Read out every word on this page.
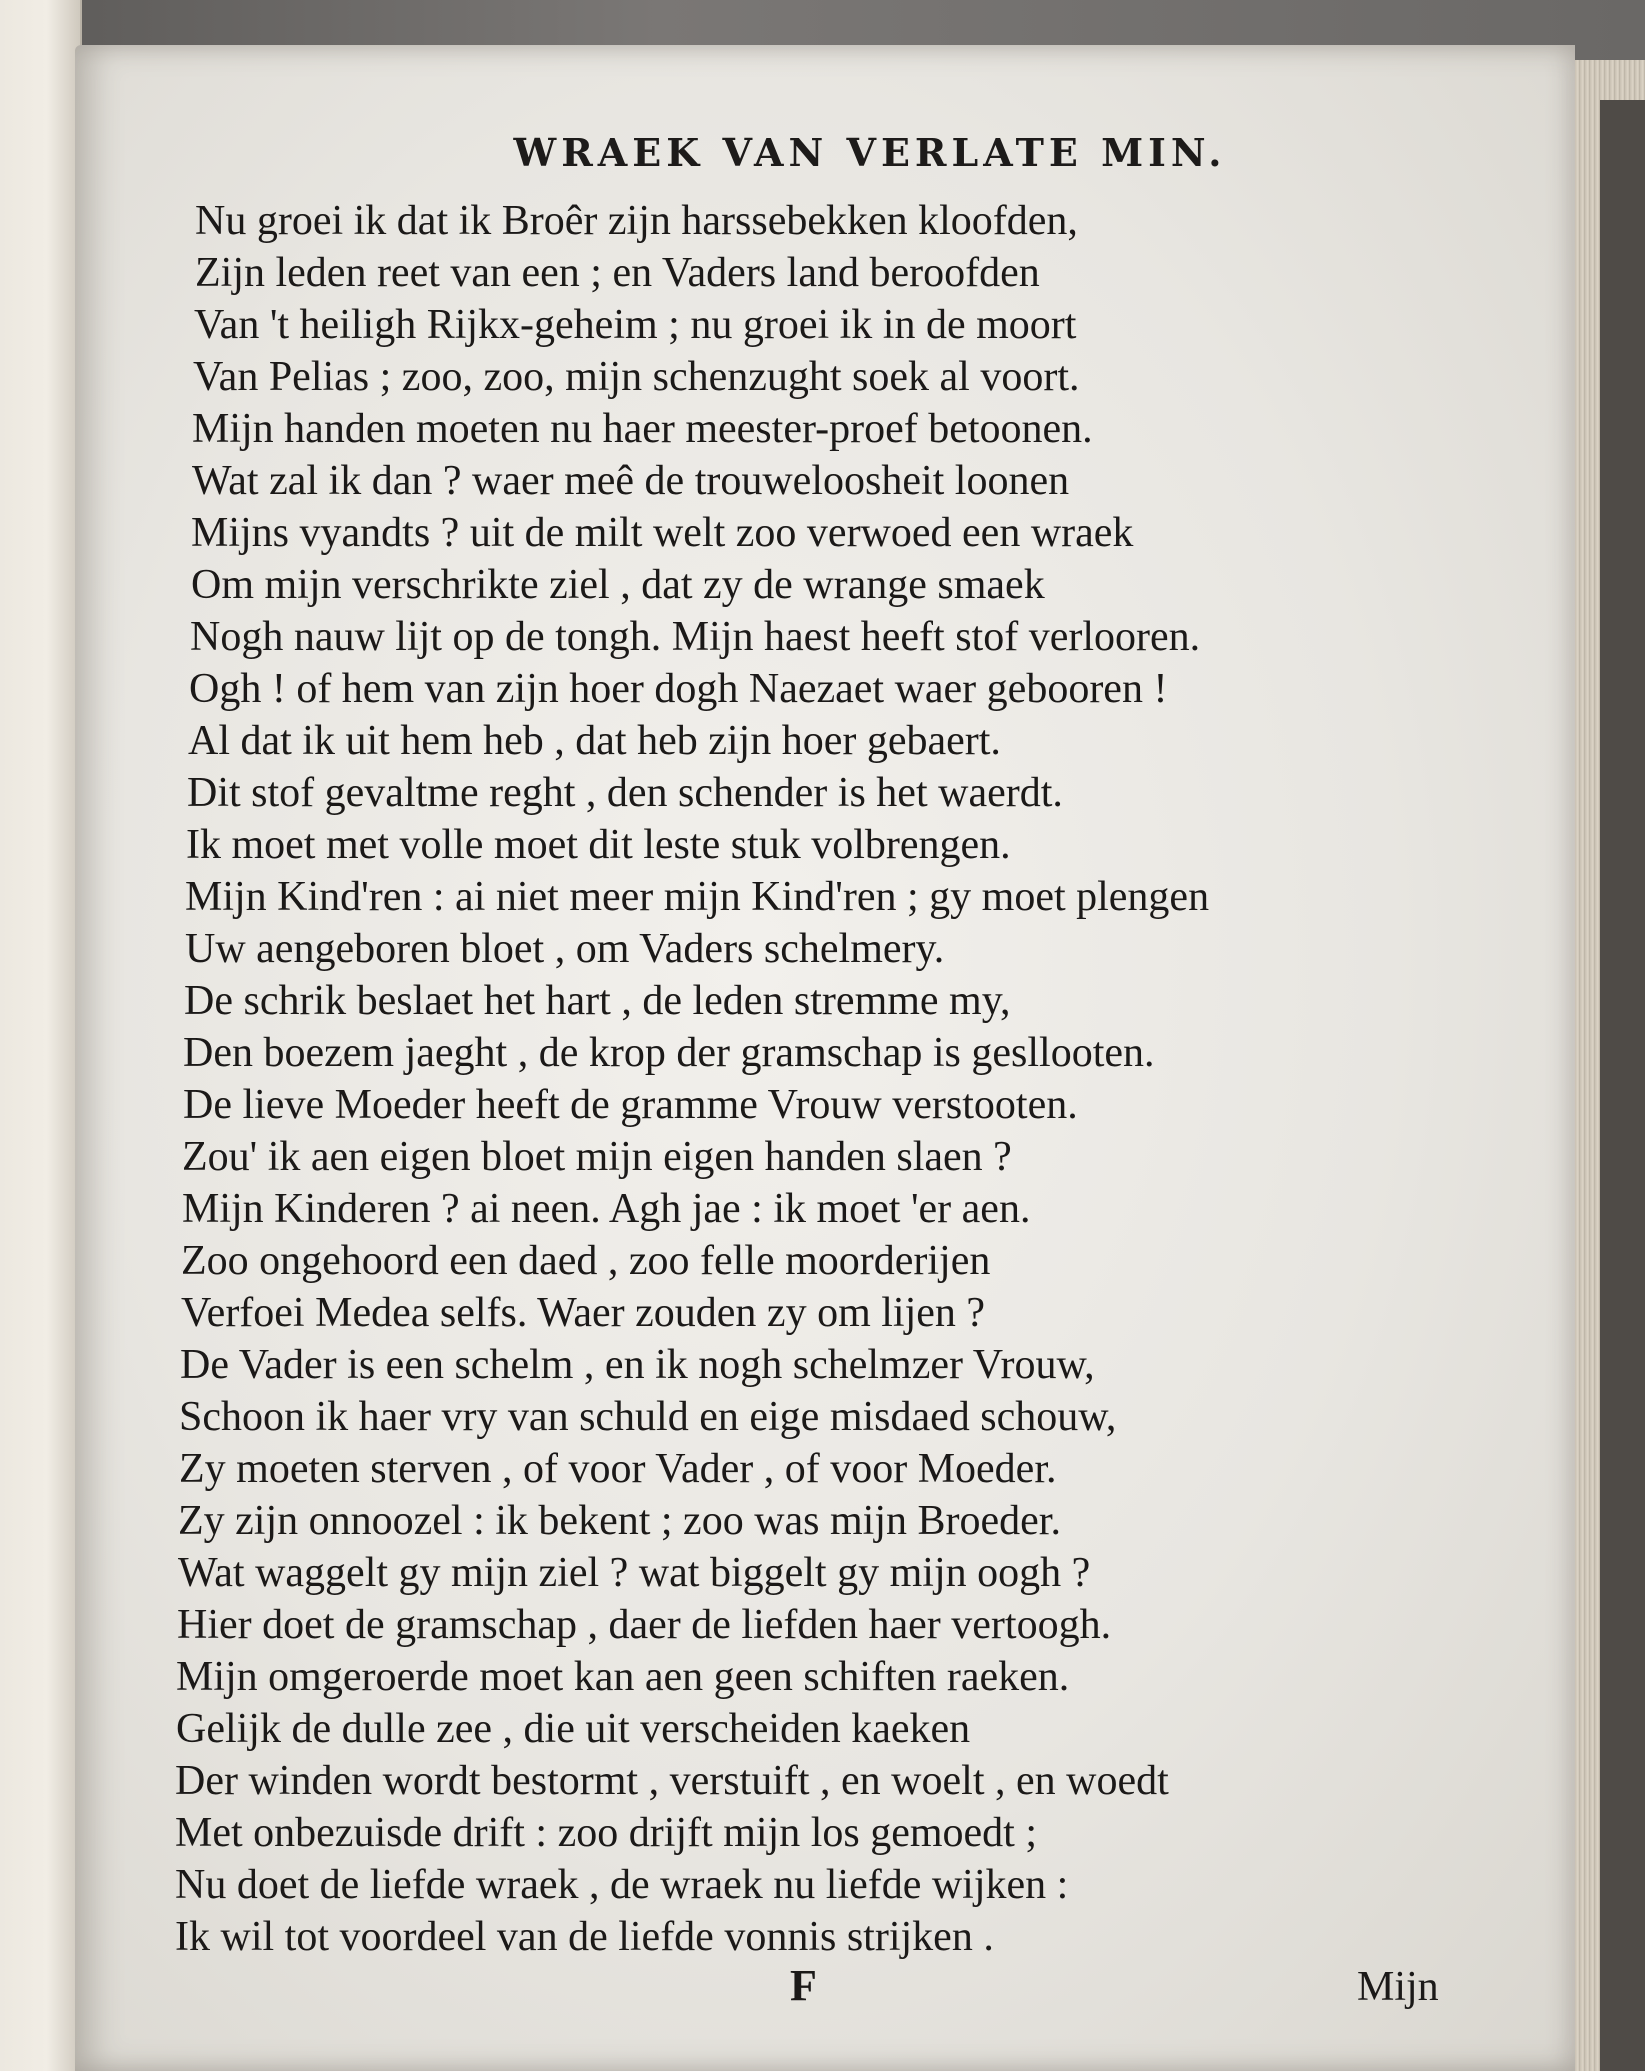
WRAEK VAN VERLATE MIN.
Nu groei ik dat ik Broêr zijn harssebekken kloofden,
Zijn leden reet van een ; en Vaders land beroofden
Van 't heiligh Rijkx-geheim ; nu groei ik in de moort
Van Pelias ; zoo, zoo, mijn schenzught soek al voort.
Mijn handen moeten nu haer meester-proef betoonen.
Wat zal ik dan ? waer meê de trouweloosheit loonen
Mijns vyandts ? uit de milt welt zoo verwoed een wraek
Om mijn verschrikte ziel , dat zy de wrange smaek
Nogh nauw lijt op de tongh. Mijn haest heeft stof verlooren.
Ogh ! of hem van zijn hoer dogh Naezaet waer gebooren !
Al dat ik uit hem heb , dat heb zijn hoer gebaert.
Dit stof gevaltme reght , den schender is het waerdt.
Ik moet met volle moet dit leste stuk volbrengen.
Mijn Kind'ren : ai niet meer mijn Kind'ren ; gy moet plengen
Uw aengeboren bloet , om Vaders schelmery.
De schrik beslaet het hart , de leden stremme my,
Den boezem jaeght , de krop der gramschap is gesllooten.
De lieve Moeder heeft de gramme Vrouw verstooten.
Zou' ik aen eigen bloet mijn eigen handen slaen ?
Mijn Kinderen ? ai neen. Agh jae : ik moet 'er aen.
Zoo ongehoord een daed , zoo felle moorderijen
Verfoei Medea selfs. Waer zouden zy om lijen ?
De Vader is een schelm , en ik nogh schelmzer Vrouw,
Schoon ik haer vry van schuld en eige misdaed schouw,
Zy moeten sterven , of voor Vader , of voor Moeder.
Zy zijn onnoozel : ik bekent ; zoo was mijn Broeder.
Wat waggelt gy mijn ziel ? wat biggelt gy mijn oogh ?
Hier doet de gramschap , daer de liefden haer vertoogh.
Mijn omgeroerde moet kan aen geen schiften raeken.
Gelijk de dulle zee , die uit verscheiden kaeken
Der winden wordt bestormt , verstuift , en woelt , en woedt
Met onbezuisde drift : zoo drijft mijn los gemoedt ;
Nu doet de liefde wraek , de wraek nu liefde wijken :
Ik wil tot voordeel van de liefde vonnis strijken .
F	Mijn
